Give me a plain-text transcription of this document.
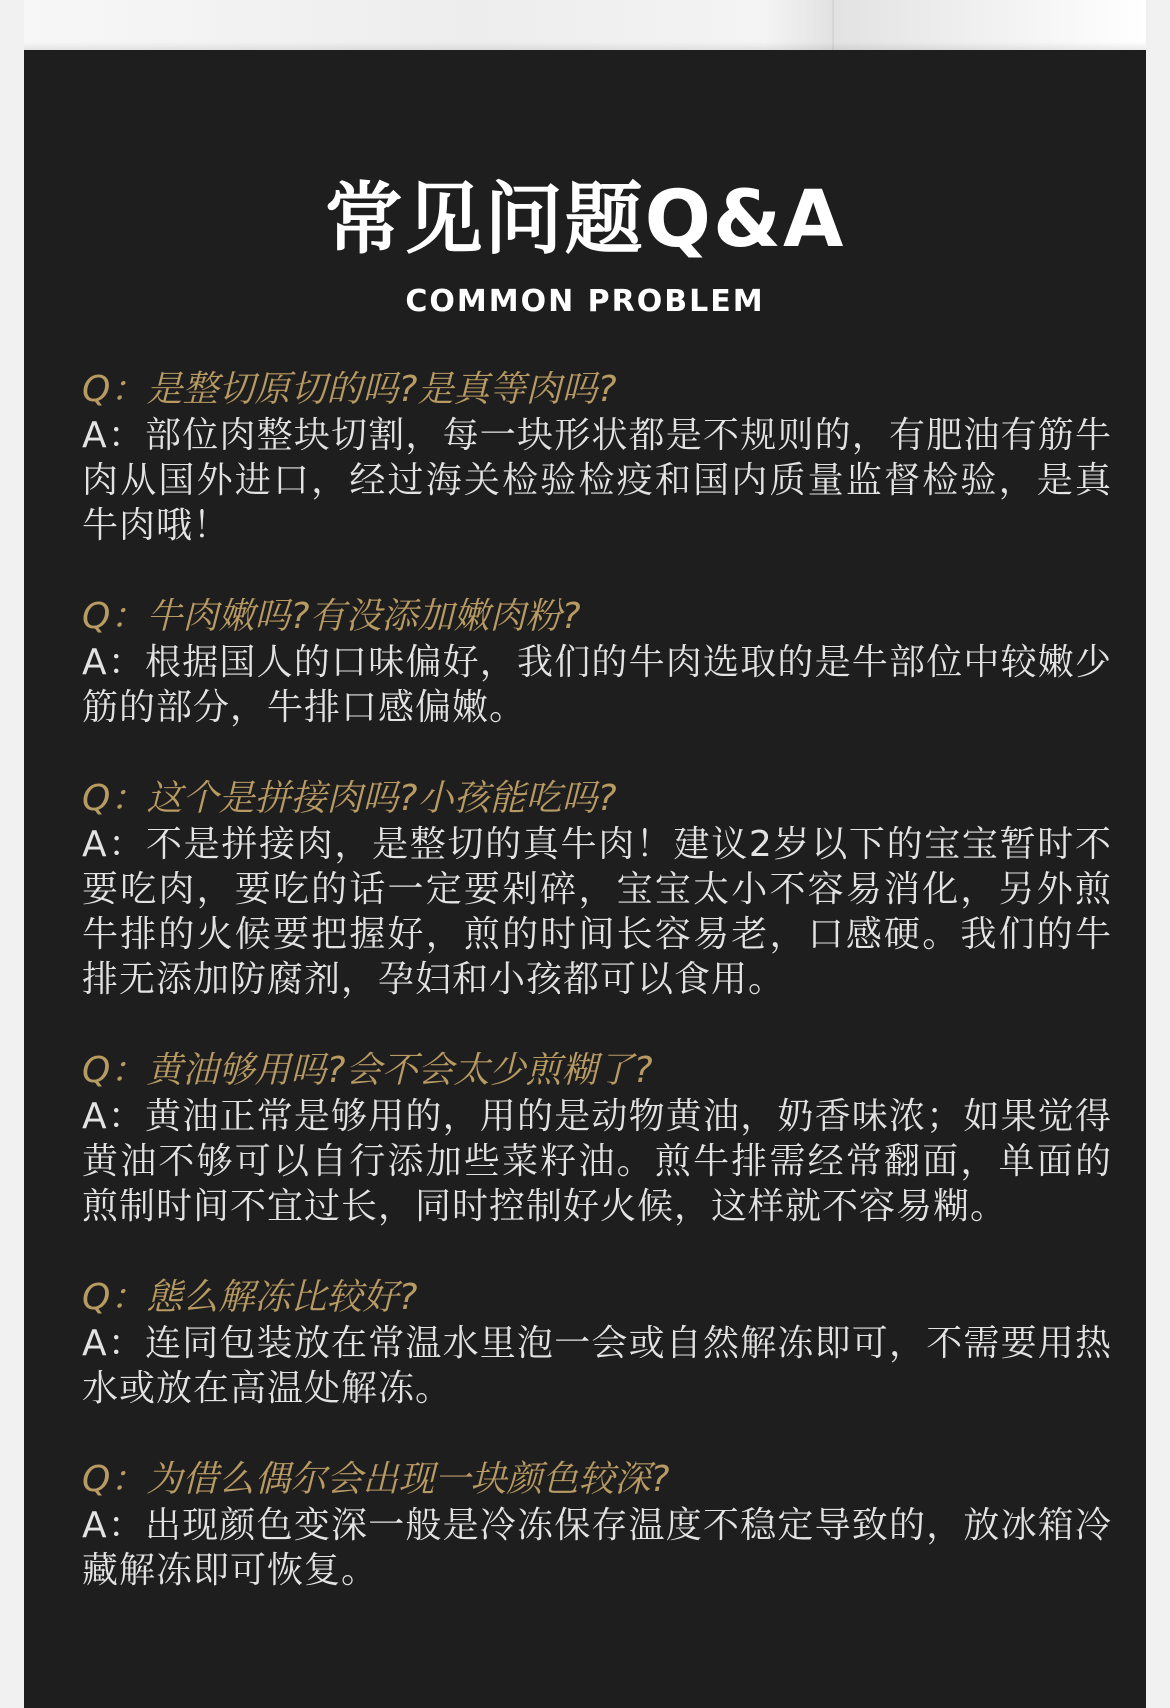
常见问题Q&A
COMMON PROBLEM
Q：是整切原切的吗?是真等肉吗?
A：部位肉整块切割，每一块形状都是不规则的，有肥油有筋牛肉从国外进口，经过海关检验检疫和国内质量监督检验，是真牛肉哦！
Q：牛肉嫩吗?有没添加嫩肉粉?
A：根据国人的口味偏好，我们的牛肉选取的是牛部位中较嫩少筋的部分，牛排口感偏嫩。
Q：这个是拼接肉吗?小孩能吃吗?
A：不是拼接肉，是整切的真牛肉！建议2岁以下的宝宝暂时不要吃肉，要吃的话一定要剁碎，宝宝太小不容易消化，另外煎牛排的火候要把握好，煎的时间长容易老，口感硬。我们的牛排无添加防腐剂，孕妇和小孩都可以食用。
Q：黄油够用吗?会不会太少煎糊了?
A：黄油正常是够用的，用的是动物黄油，奶香味浓；如果觉得黄油不够可以自行添加些菜籽油。煎牛排需经常翻面，单面的煎制时间不宜过长，同时控制好火候，这样就不容易糊。
Q：態么解冻比较好?
A：连同包装放在常温水里泡一会或自然解冻即可，不需要用热水或放在高温处解冻。
Q：为借么偶尔会出现一块颜色较深?
A：出现颜色变深一般是冷冻保存温度不稳定导致的，放冰箱冷藏解冻即可恢复。
